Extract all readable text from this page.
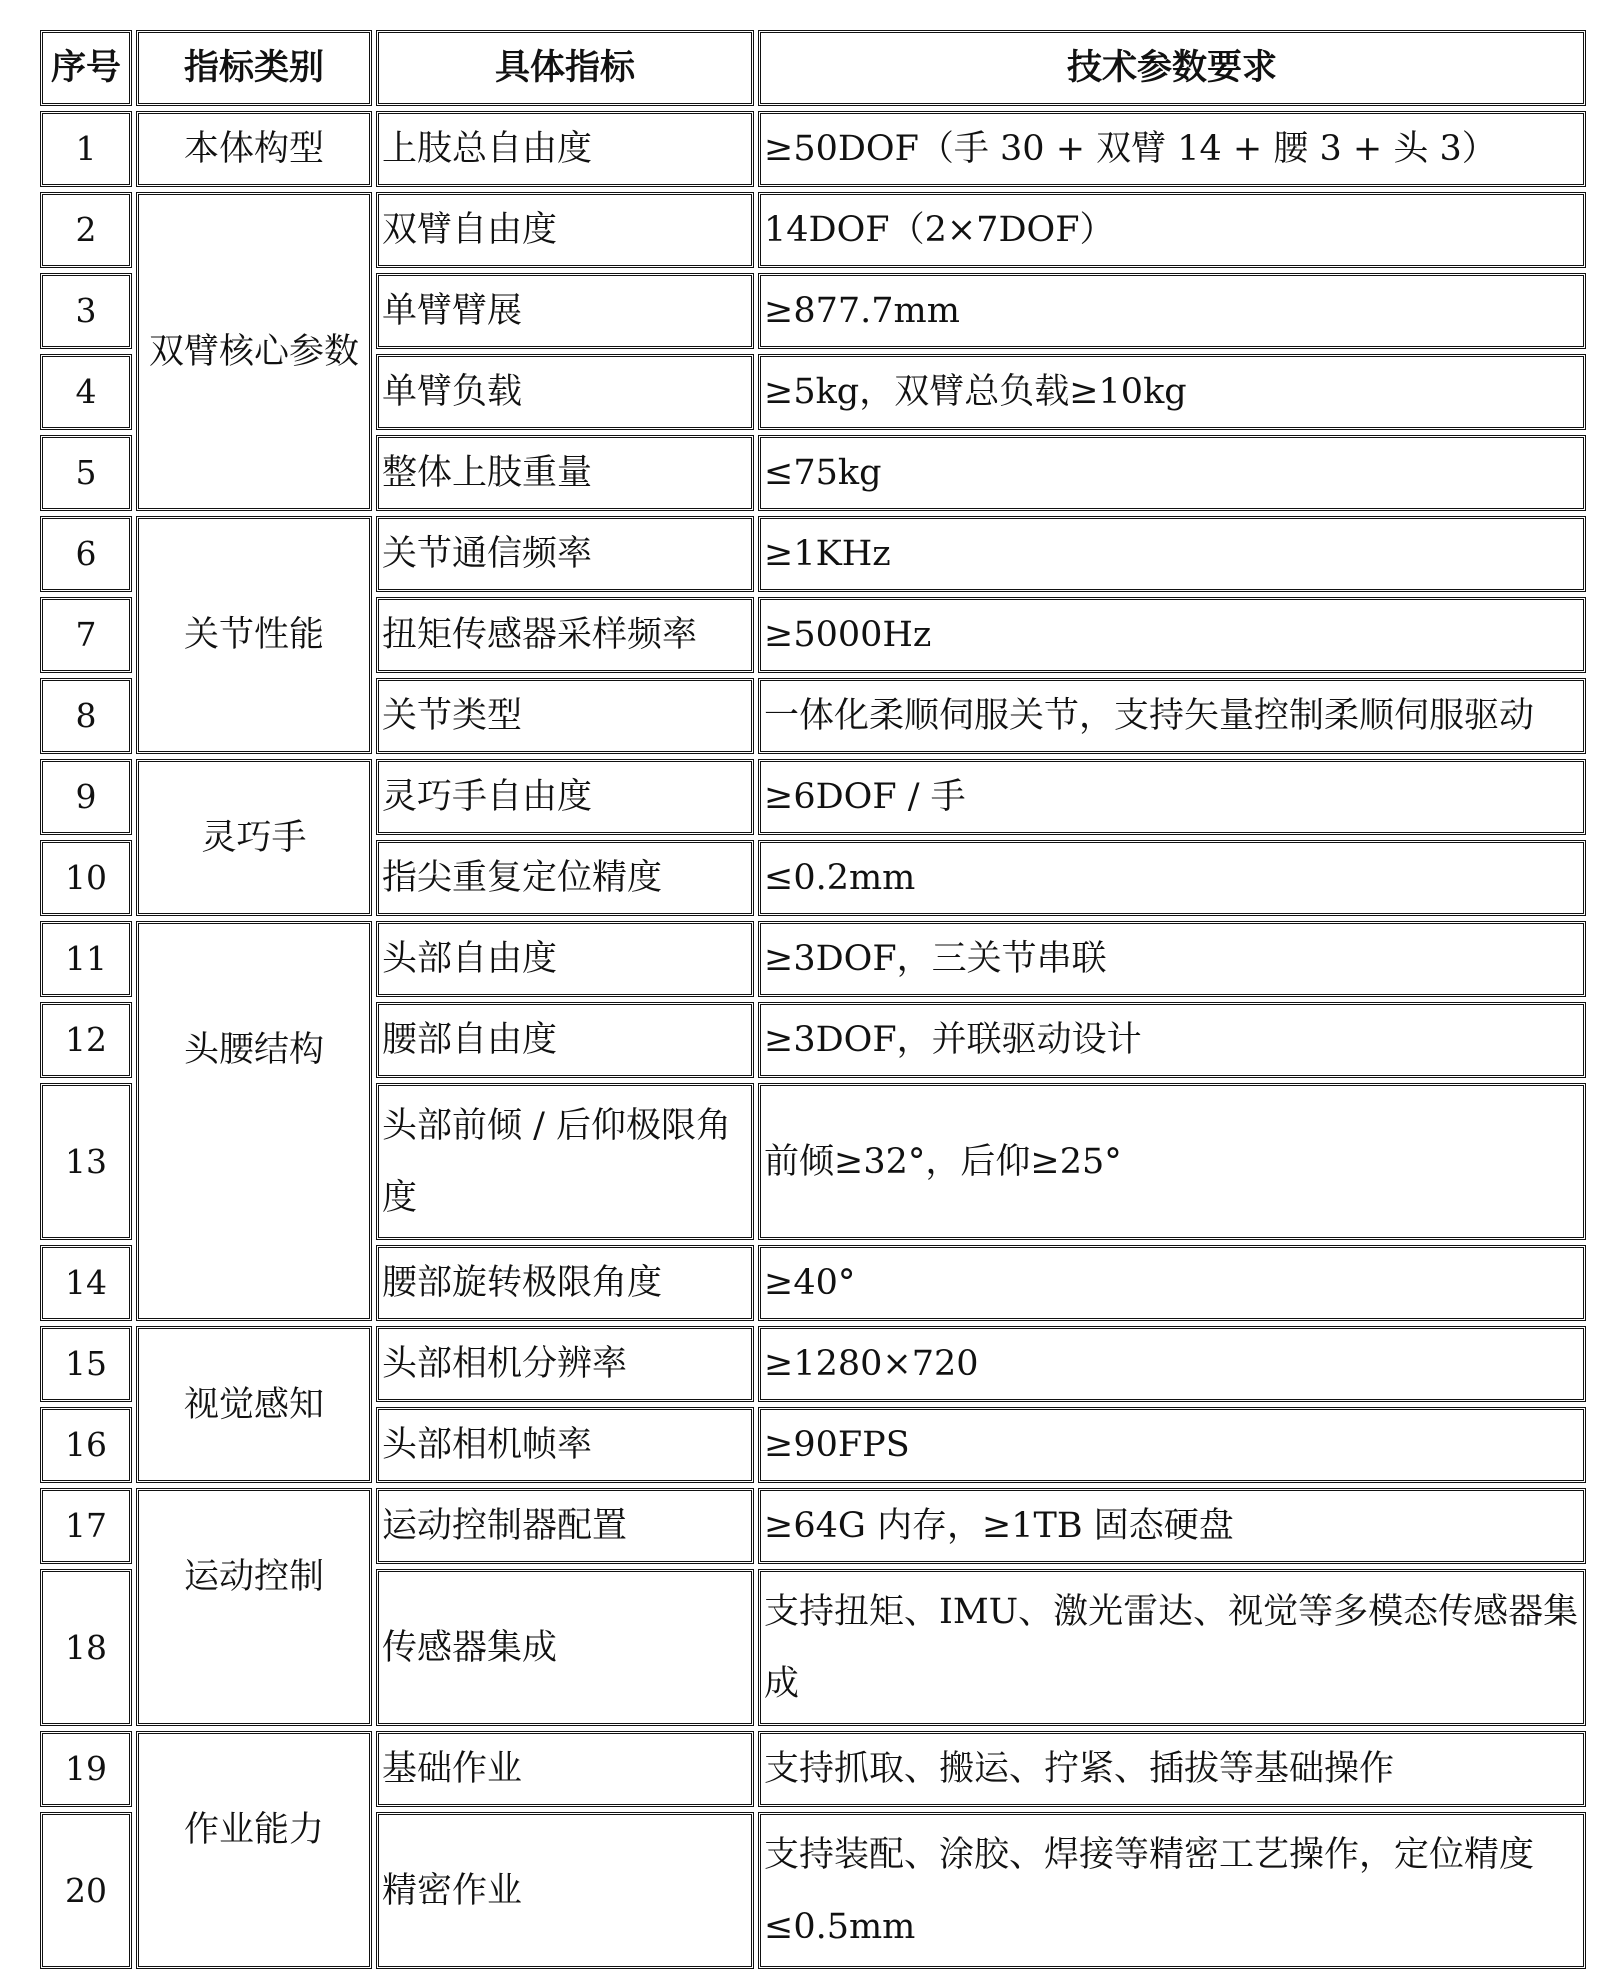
序号 指标类别	具体指标	技术参数要求
1
2
3
4
5
6
7
8
9
10
11
12
13
14
15
16
17
18
19
20
本体构型
双臂核心参数
关节性能
灵巧手
头腰结构
视觉感知
运动控制
作业能力
上肢总自由度
双臂自由度
单臂臂展
单臂负载
整体上肢重量
关节通信频率
扭矩传感器采样频率
关节类型
灵巧手自由度
指尖重复定位精度
头部自由度
腰部自由度
头部前倾 / 后仰极限角度
腰部旋转极限角度
头部相机分辨率
头部相机帧率
运动控制器配置
传感器集成
基础作业
精密作业
≥50DOF（手 30 + 双臂 14 + 腰 3 + 头 3）
14DOF（2×7DOF）
≥877.7mm
≥5kg，双臂总负载≥10kg
≤75kg
≥1KHz
≥5000Hz
一体化柔顺伺服关节，支持矢量控制柔顺伺服驱动
≥6DOF / 手
≤0.2mm
≥3DOF，三关节串联
≥3DOF，并联驱动设计
前倾≥32°，后仰≥25°
≥40°
≥1280×720
≥90FPS
≥64G 内存，≥1TB 固态硬盘
支持扭矩、IMU、激光雷达、视觉等多模态传感器集成
支持抓取、搬运、拧紧、插拔等基础操作
支持装配、涂胶、焊接等精密工艺操作，定位精度≤0.5mm
